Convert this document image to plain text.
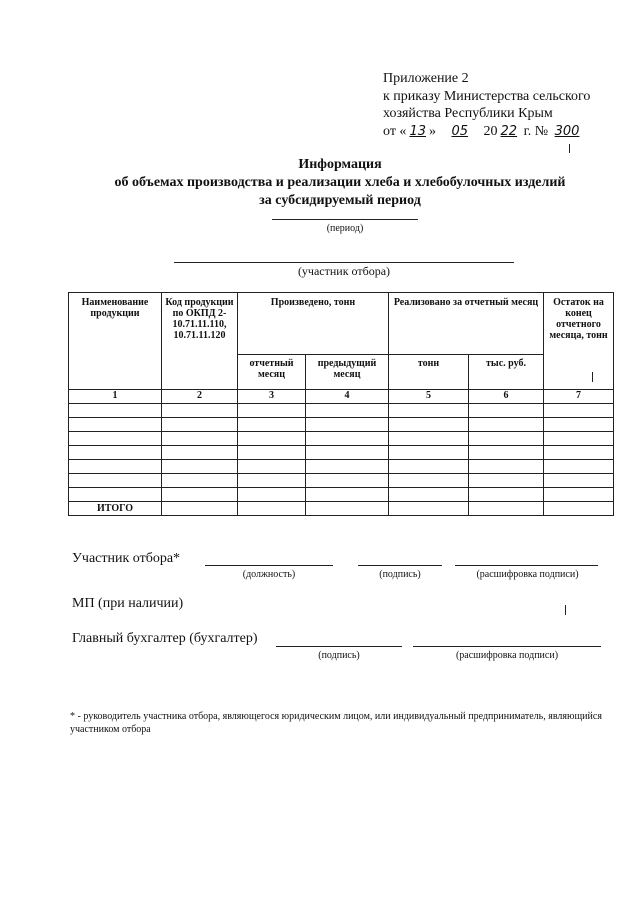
Приложение 2
к приказу Министерства сельского
хозяйства Республики Крым
от « 13 » 05 20 22 г. № 300
Информация
об объемах производства и реализации хлеба и хлебобулочных изделий
за субсидируемый период
(период)
(участник отбора)
Наименование продукции	Код продукции по ОКПД 2-10.71.11.110, 10.71.11.120	Произведено, тонн		Реализовано за отчетный месяц		Остаток на конец отчетного месяца, тонн
		отчетный месяц	предыдущий месяц	тонн	тыс. руб.	
1	2	3	4	5	6	7

ИТОГО						
Участник отбора*
(должность)	(подпись)	(расшифровка подписи)
МП (при наличии)
Главный бухгалтер (бухгалтер)
(подпись)	(расшифровка подписи)
* - руководитель участника отбора, являющегося юридическим лицом, или индивидуальный предприниматель, являющийся участником отбора
